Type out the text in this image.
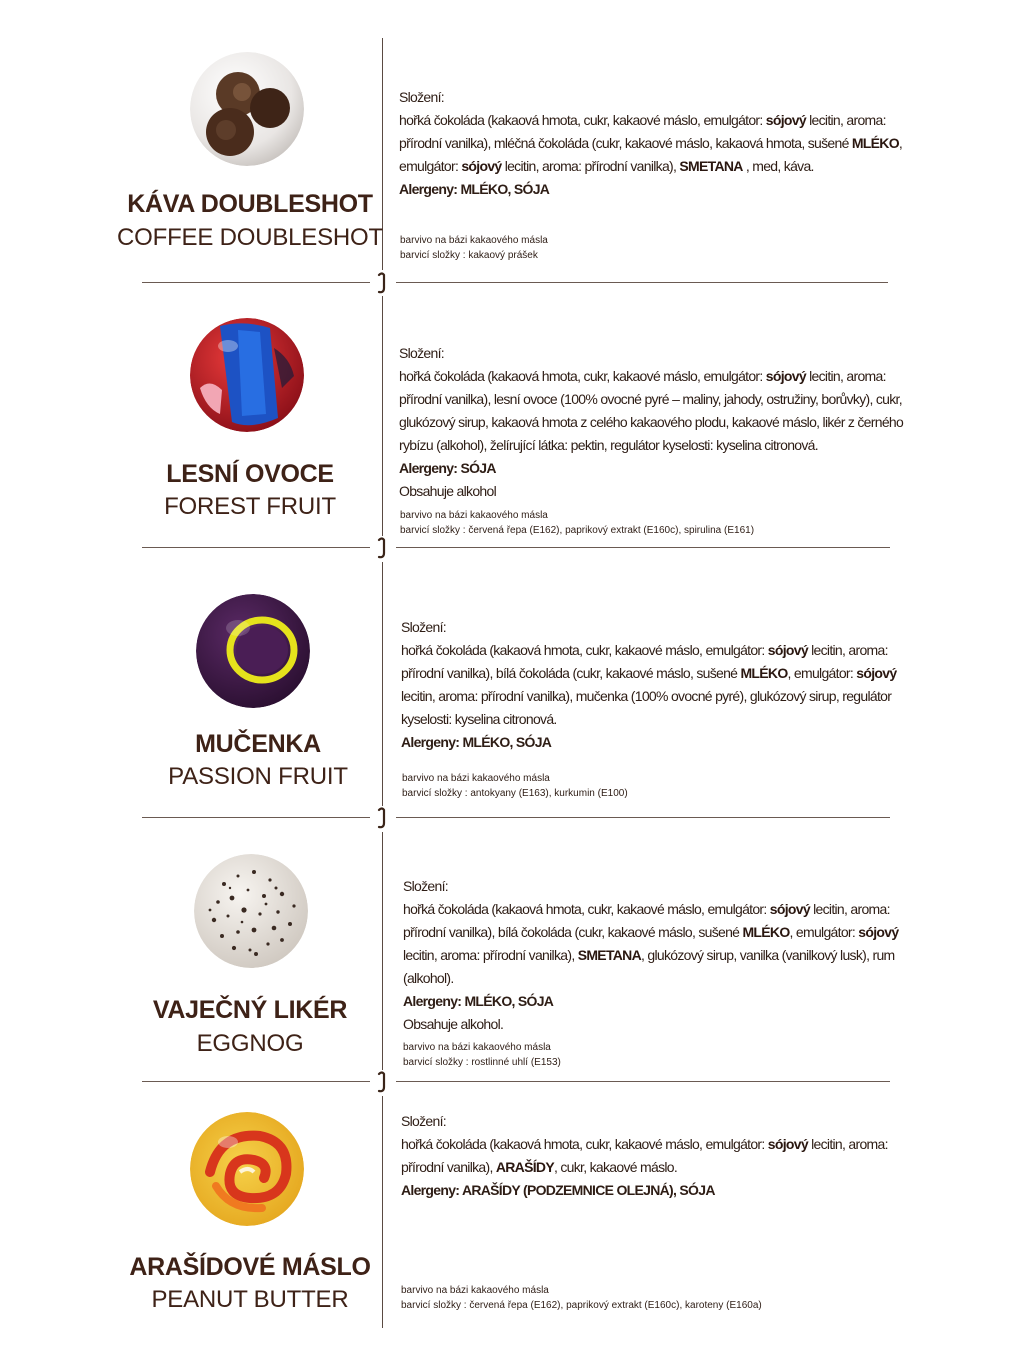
KÁVA DOUBLESHOT
COFFEE DOUBLESHOT
Složení:
hořká čokoláda (kakaová hmota, cukr, kakaové máslo, emulgátor: sójový lecitin, aroma: přírodní vanilka), mléčná čokoláda (cukr, kakaové máslo, kakaová hmota, sušené MLÉKO, emulgátor: sójový lecitin, aroma: přírodní vanilka), SMETANA , med, káva.
Alergeny: MLÉKO, SÓJA
barvivo na bázi kakaového másla
barvicí složky : kakaový prášek
LESNÍ OVOCE
FOREST FRUIT
Složení:
hořká čokoláda (kakaová hmota, cukr, kakaové máslo, emulgátor: sójový lecitin, aroma: přírodní vanilka), lesní ovoce (100% ovocné pyré – maliny, jahody, ostružiny, borůvky), cukr, glukózový sirup, kakaová hmota z celého kakaového plodu, kakaové máslo, likér z černého rybízu (alkohol), želírující látka: pektin, regulátor kyselosti: kyselina citronová.
Alergeny: SÓJA
Obsahuje alkohol
barvivo na bázi kakaového másla
barvicí složky : červená řepa (E162), paprikový extrakt (E160c), spirulina (E161)
MUČENKA
PASSION FRUIT
Složení:
hořká čokoláda (kakaová hmota, cukr, kakaové máslo, emulgátor: sójový lecitin, aroma: přírodní vanilka), bílá čokoláda (cukr, kakaové máslo, sušené MLÉKO, emulgátor: sójový lecitin, aroma: přírodní vanilka), mučenka (100% ovocné pyré), glukózový sirup, regulátor kyselosti: kyselina citronová.
Alergeny: MLÉKO, SÓJA
barvivo na bázi kakaového másla
barvicí složky : antokyany (E163), kurkumin (E100)
VAJEČNÝ LIKÉR
EGGNOG
Složení:
hořká čokoláda (kakaová hmota, cukr, kakaové máslo, emulgátor: sójový lecitin, aroma: přírodní vanilka), bílá čokoláda (cukr, kakaové máslo, sušené MLÉKO, emulgátor: sójový lecitin, aroma: přírodní vanilka), SMETANA, glukózový sirup, vanilka (vanilkový lusk), rum (alkohol).
Alergeny: MLÉKO, SÓJA
Obsahuje alkohol.
barvivo na bázi kakaového másla
barvicí složky : rostlinné uhlí (E153)
ARAŠÍDOVÉ MÁSLO
PEANUT BUTTER
Složení:
hořká čokoláda (kakaová hmota, cukr, kakaové máslo, emulgátor: sójový lecitin, aroma: přírodní vanilka), ARAŠÍDY, cukr, kakaové máslo.
Alergeny: ARAŠÍDY (PODZEMNICE OLEJNÁ), SÓJA
barvivo na bázi kakaového másla
barvicí složky : červená řepa (E162), paprikový extrakt (E160c), karoteny (E160a)
